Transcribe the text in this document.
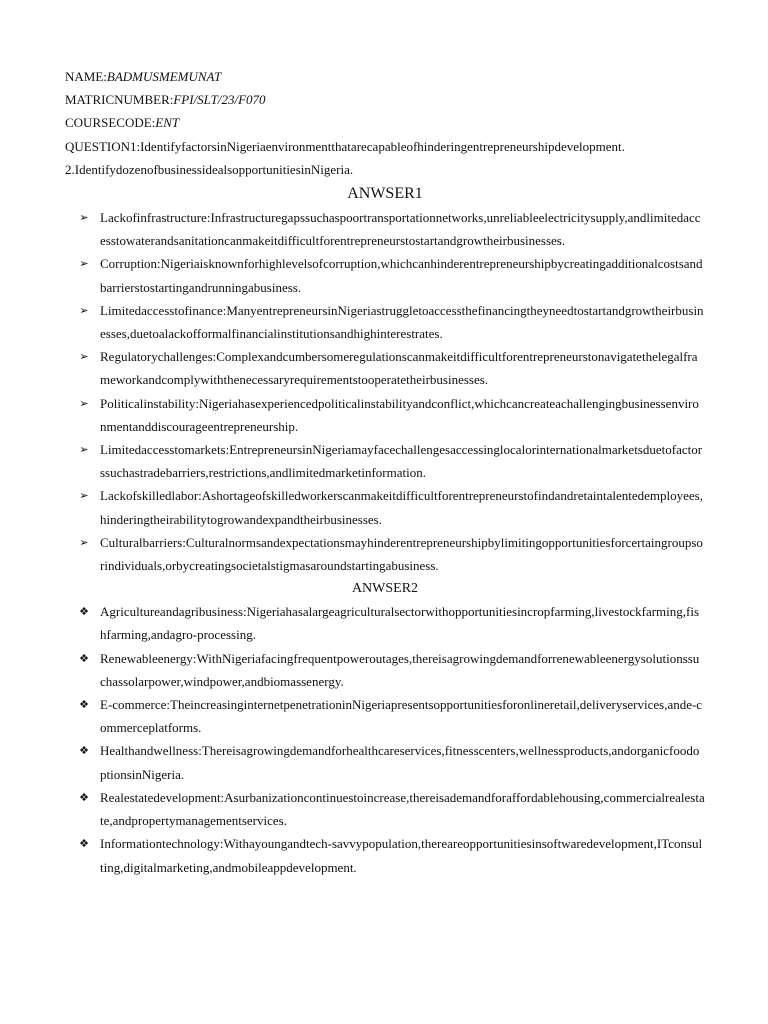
NAME:BADMUSMEMUNAT
MATRICNUMBER:FPI/SLT/23/F070
COURSECODE:ENT
QUESTION1:IdentifyfactorsinNigeriaenvironmentthatarecapableofhinderingentrepreneurshipdevelopment.
2.IdentifydozenofbusinessidealsopportunitiesinNigeria.
ANWSER1
➢ Lackofinfrastructure:Infrastructuregapssuchaspoortransportationnetworks,unreliableelectricitysupply,andlimitedaccesstowaterandsanitationcanmakeitdifficultforentrepreneurstostartandgrowtheirbusinesses.
➢ Corruption:Nigeriaisknownforhighlevelsofcorruption,whichcanhinderentrepreneurshipbycreatingadditionalcostsandbarrierstostartingandrunningabusiness.
➢ Limitedaccesstofinance:ManyentrepreneursinNigeriastruggletoaccessthefinancingtheyneedtostartandgrowtheirbusinesses,duetoalackofformalfinancialinstitutionsandhighinterestrates.
➢ Regulatorychallenges:Complexandcumbersomeregulationscanmakeitdifficultforentrepreneurstonavigatethelegalframeworkandcomplywiththenecessaryrequirementstooperatetheirbusinesses.
➢ Politicalinstability:Nigeriahasexperiencedpoliticalinstabilityandconflict,whichcancreateachallengingbusinessenvironmentanddiscourageentrepreneurship.
➢ Limitedaccesstomarkets:EntrepreneursinNigeriamayfacechallengesaccessinglocalorinternationalmarketsduetofactorssuchastradebarriers,restrictions,andlimitedmarketinformation.
➢ Lackofskilledlabor:Ashortageofskilledworkerscanmakeitdifficultforentrepreneurstofindandretaintalentedemployees,hinderingtheirabilitytogrowandexpandtheirbusinesses.
➢ Culturalbarriers:Culturalnormsandexpectationsmayhinderentrepreneurshipbylimitingopportunitiesforcertaingroupsorindividuals,orbycreatingsocietalstigmasaroundstartingabusiness.
ANWSER2
❖ Agricultureandagribusiness:Nigeriahasalargeagriculturalsectorwithopportunitiesincropfarming,livestockfarming,fishfarming,andagro-processing.
❖ Renewableenergy:WithNigeriafacingfrequentpoweroutages,thereisagrowingdemandforrenewableenergysolutionssuchassolarpower,windpower,andbiomassenergy.
❖ E-commerce:TheincreasinginternetpenetrationinNigeriapresentsopportunitiesforonlineretail,deliveryservices,ande-commerceplatforms.
❖ Healthandwellness:Thereisagrowingdemandforhealthcareservices,fitnesscenters,wellnessproducts,andorganicfoodoptionsinNigeria.
❖ Realestatedevelopment:Asurbanizationcontinuestoincrease,thereisademandforaffordablehousing,commercialrealestate,andpropertymanagementservices.
❖ Informationtechnology:Withayoungandtech-savvypopulation,thereareopportunitiesinsoftwaredevelopment,ITconsulting,digitalmarketing,andmobileappdevelopment.
